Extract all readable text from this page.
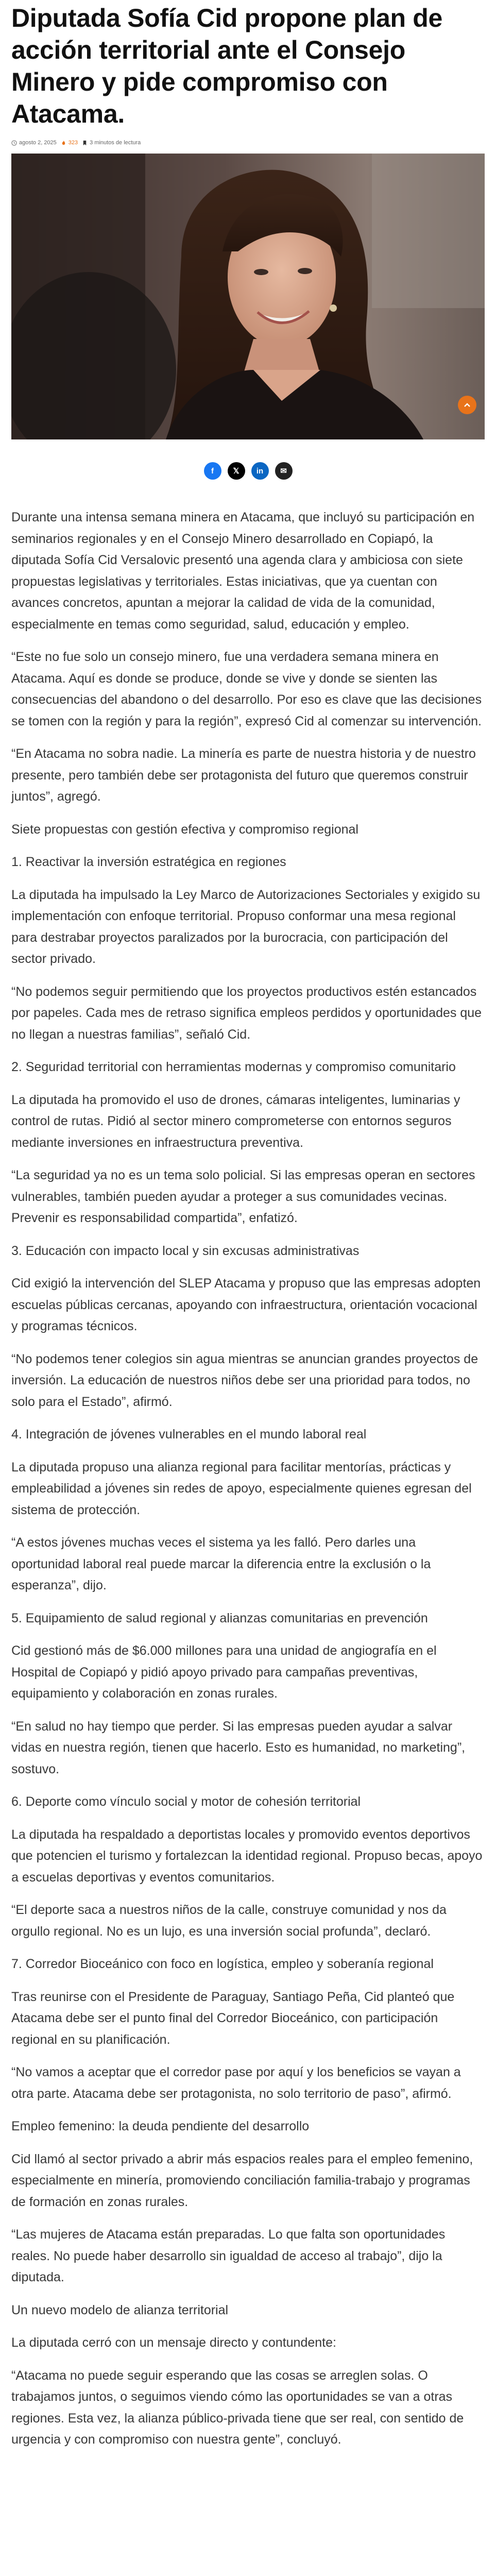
Diputada Sofía Cid propone plan de acción territorial ante el Consejo Minero y pide compromiso con Atacama.
agosto 2, 2025 323 3 minutos de lectura
f 𝕏 in ✉

Durante una intensa semana minera en Atacama, que incluyó su participación en seminarios regionales y en el Consejo Minero desarrollado en Copiapó, la diputada Sofía Cid Versalovic presentó una agenda clara y ambiciosa con siete propuestas legislativas y territoriales. Estas iniciativas, que ya cuentan con avances concretos, apuntan a mejorar la calidad de vida de la comunidad, especialmente en temas como seguridad, salud, educación y empleo.

“Este no fue solo un consejo minero, fue una verdadera semana minera en Atacama. Aquí es donde se produce, donde se vive y donde se sienten las consecuencias del abandono o del desarrollo. Por eso es clave que las decisiones se tomen con la región y para la región”, expresó Cid al comenzar su intervención.

“En Atacama no sobra nadie. La minería es parte de nuestra historia y de nuestro presente, pero también debe ser protagonista del futuro que queremos construir juntos”, agregó.

Siete propuestas con gestión efectiva y compromiso regional

1. Reactivar la inversión estratégica en regiones

La diputada ha impulsado la Ley Marco de Autorizaciones Sectoriales y exigido su implementación con enfoque territorial. Propuso conformar una mesa regional para destrabar proyectos paralizados por la burocracia, con participación del sector privado.

“No podemos seguir permitiendo que los proyectos productivos estén estancados por papeles. Cada mes de retraso significa empleos perdidos y oportunidades que no llegan a nuestras familias”, señaló Cid.

2. Seguridad territorial con herramientas modernas y compromiso comunitario

La diputada ha promovido el uso de drones, cámaras inteligentes, luminarias y control de rutas. Pidió al sector minero comprometerse con entornos seguros mediante inversiones en infraestructura preventiva.

“La seguridad ya no es un tema solo policial. Si las empresas operan en sectores vulnerables, también pueden ayudar a proteger a sus comunidades vecinas. Prevenir es responsabilidad compartida”, enfatizó.

3. Educación con impacto local y sin excusas administrativas

Cid exigió la intervención del SLEP Atacama y propuso que las empresas adopten escuelas públicas cercanas, apoyando con infraestructura, orientación vocacional y programas técnicos.

“No podemos tener colegios sin agua mientras se anuncian grandes proyectos de inversión. La educación de nuestros niños debe ser una prioridad para todos, no solo para el Estado”, afirmó.

4. Integración de jóvenes vulnerables en el mundo laboral real

La diputada propuso una alianza regional para facilitar mentorías, prácticas y empleabilidad a jóvenes sin redes de apoyo, especialmente quienes egresan del sistema de protección.

“A estos jóvenes muchas veces el sistema ya les falló. Pero darles una oportunidad laboral real puede marcar la diferencia entre la exclusión o la esperanza”, dijo.

5. Equipamiento de salud regional y alianzas comunitarias en prevención

Cid gestionó más de $6.000 millones para una unidad de angiografía en el Hospital de Copiapó y pidió apoyo privado para campañas preventivas, equipamiento y colaboración en zonas rurales.

“En salud no hay tiempo que perder. Si las empresas pueden ayudar a salvar vidas en nuestra región, tienen que hacerlo. Esto es humanidad, no marketing”, sostuvo.

6. Deporte como vínculo social y motor de cohesión territorial

La diputada ha respaldado a deportistas locales y promovido eventos deportivos que potencien el turismo y fortalezcan la identidad regional. Propuso becas, apoyo a escuelas deportivas y eventos comunitarios.

“El deporte saca a nuestros niños de la calle, construye comunidad y nos da orgullo regional. No es un lujo, es una inversión social profunda”, declaró.

7. Corredor Bioceánico con foco en logística, empleo y soberanía regional

Tras reunirse con el Presidente de Paraguay, Santiago Peña, Cid planteó que Atacama debe ser el punto final del Corredor Bioceánico, con participación regional en su planificación.

“No vamos a aceptar que el corredor pase por aquí y los beneficios se vayan a otra parte. Atacama debe ser protagonista, no solo territorio de paso”, afirmó.

Empleo femenino: la deuda pendiente del desarrollo

Cid llamó al sector privado a abrir más espacios reales para el empleo femenino, especialmente en minería, promoviendo conciliación familia-trabajo y programas de formación en zonas rurales.

“Las mujeres de Atacama están preparadas. Lo que falta son oportunidades reales. No puede haber desarrollo sin igualdad de acceso al trabajo”, dijo la diputada.

Un nuevo modelo de alianza territorial

La diputada cerró con un mensaje directo y contundente:

“Atacama no puede seguir esperando que las cosas se arreglen solas. O trabajamos juntos, o seguimos viendo cómo las oportunidades se van a otras regiones. Esta vez, la alianza público-privada tiene que ser real, con sentido de urgencia y con compromiso con nuestra gente”, concluyó.
